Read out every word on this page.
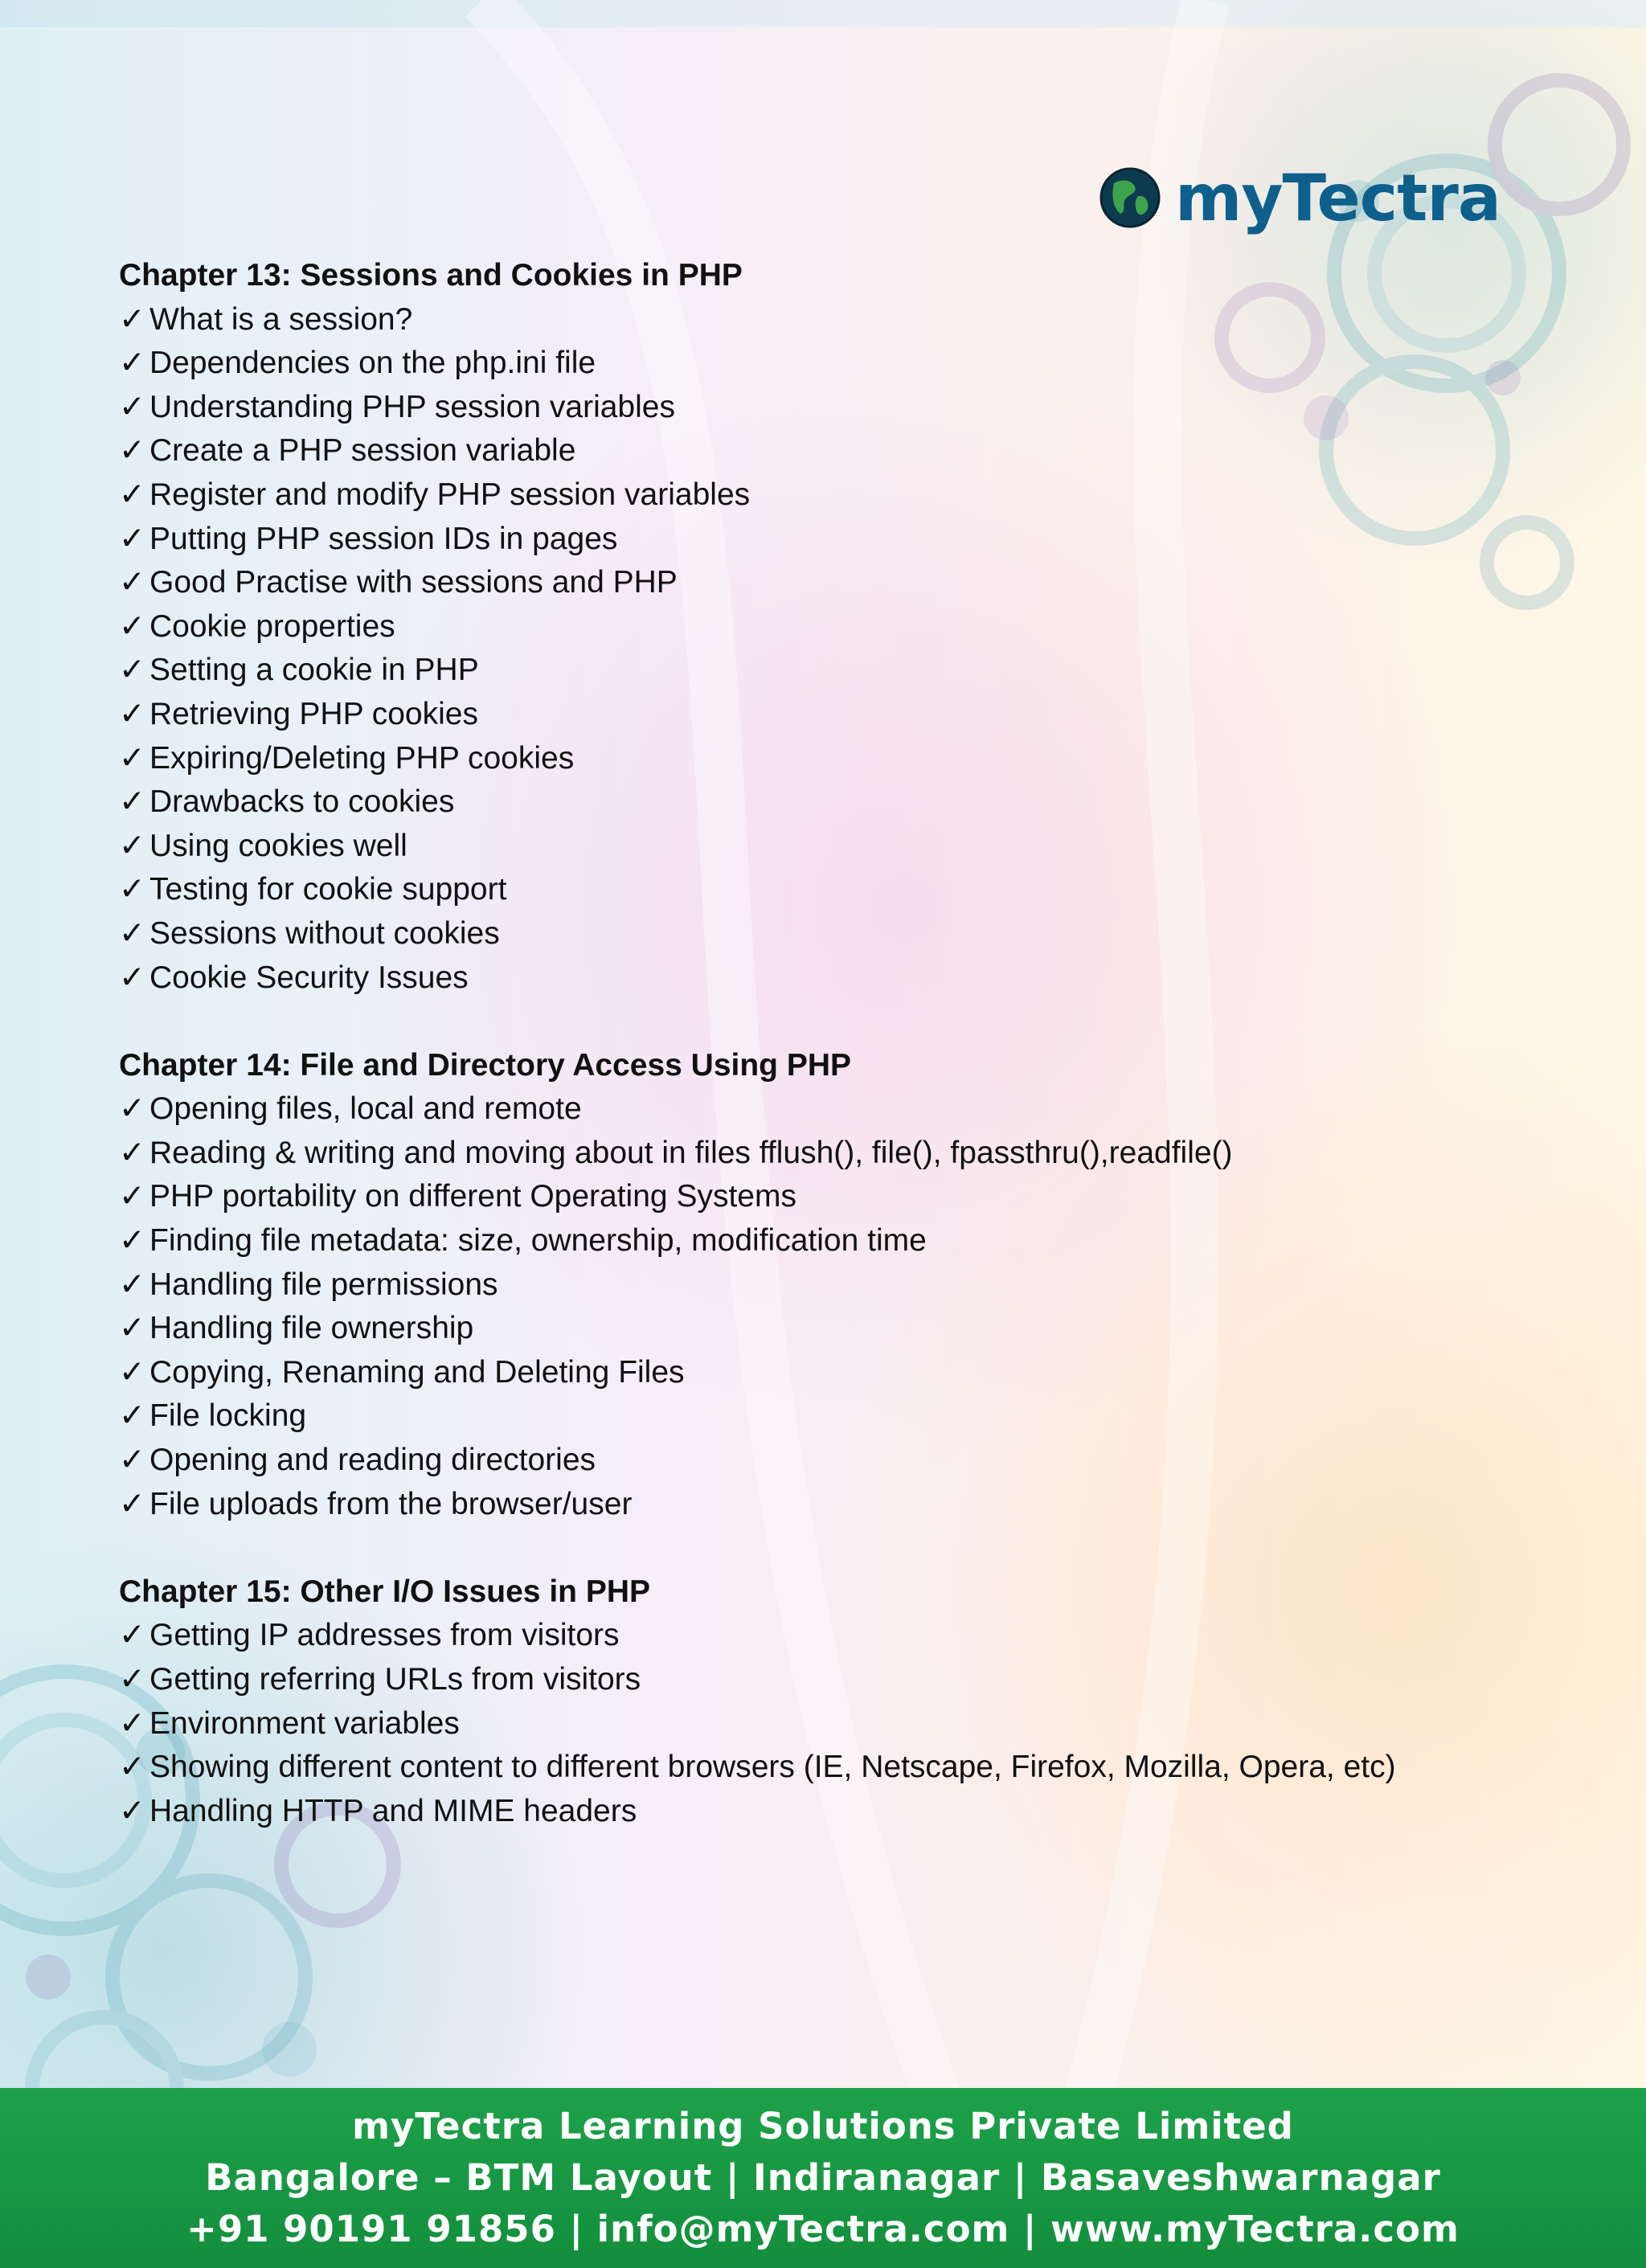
myTectra
Chapter 13: Sessions and Cookies in PHP
✓ What is a session?
✓ Dependencies on the php.ini file
✓ Understanding PHP session variables
✓ Create a PHP session variable
✓ Register and modify PHP session variables
✓ Putting PHP session IDs in pages
✓ Good Practise with sessions and PHP
✓ Cookie properties
✓ Setting a cookie in PHP
✓ Retrieving PHP cookies
✓ Expiring/Deleting PHP cookies
✓ Drawbacks to cookies
✓ Using cookies well
✓ Testing for cookie support
✓ Sessions without cookies
✓ Cookie Security Issues
Chapter 14: File and Directory Access Using PHP
✓ Opening files, local and remote
✓ Reading & writing and moving about in files fflush(), file(), fpassthru(),readfile()
✓ PHP portability on different Operating Systems
✓ Finding file metadata: size, ownership, modification time
✓ Handling file permissions
✓ Handling file ownership
✓ Copying, Renaming and Deleting Files
✓ File locking
✓ Opening and reading directories
✓ File uploads from the browser/user
Chapter 15: Other I/O Issues in PHP
✓ Getting IP addresses from visitors
✓ Getting referring URLs from visitors
✓ Environment variables
✓ Showing different content to different browsers (IE, Netscape, Firefox, Mozilla, Opera, etc)
✓ Handling HTTP and MIME headers
myTectra Learning Solutions Private Limited
Bangalore – BTM Layout | Indiranagar | Basaveshwarnagar
+91 90191 91856 | info@myTectra.com | www.myTectra.com
